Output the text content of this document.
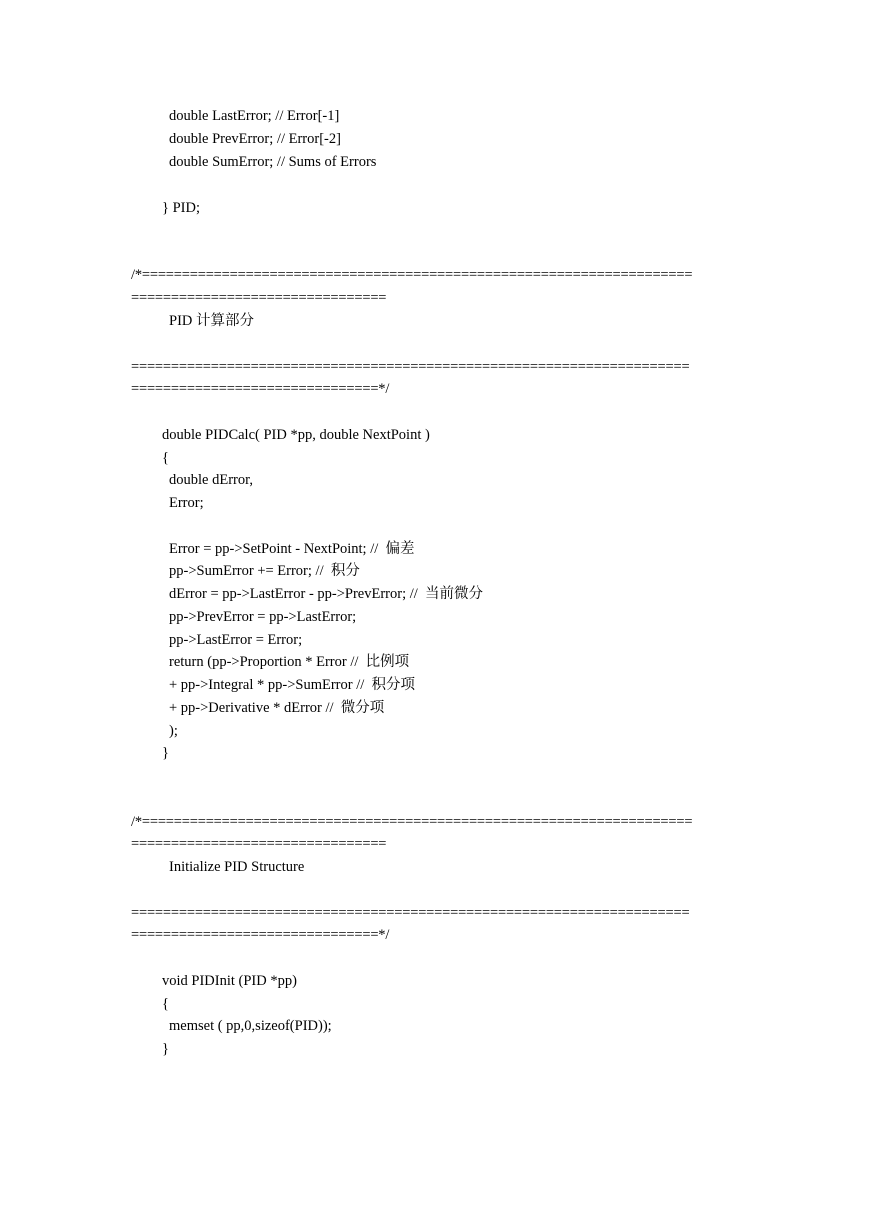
double LastError; // Error[-1]

double PrevError; // Error[-2]

double SumError; // Sums of Errors

} PID;

/*=====================================================================

================================

PID 计算部分

======================================================================

===============================*/

double PIDCalc( PID *pp, double NextPoint )

{

double dError,

Error;

Error = pp->SetPoint - NextPoint; //  偏差

pp->SumError += Error; //  积分

dError = pp->LastError - pp->PrevError; //  当前微分

pp->PrevError = pp->LastError;

pp->LastError = Error;

return (pp->Proportion * Error //  比例项

+ pp->Integral * pp->SumError //  积分项

+ pp->Derivative * dError //  微分项

);

}

/*=====================================================================

================================

Initialize PID Structure

======================================================================

===============================*/

void PIDInit (PID *pp)

{

memset ( pp,0,sizeof(PID));

}
